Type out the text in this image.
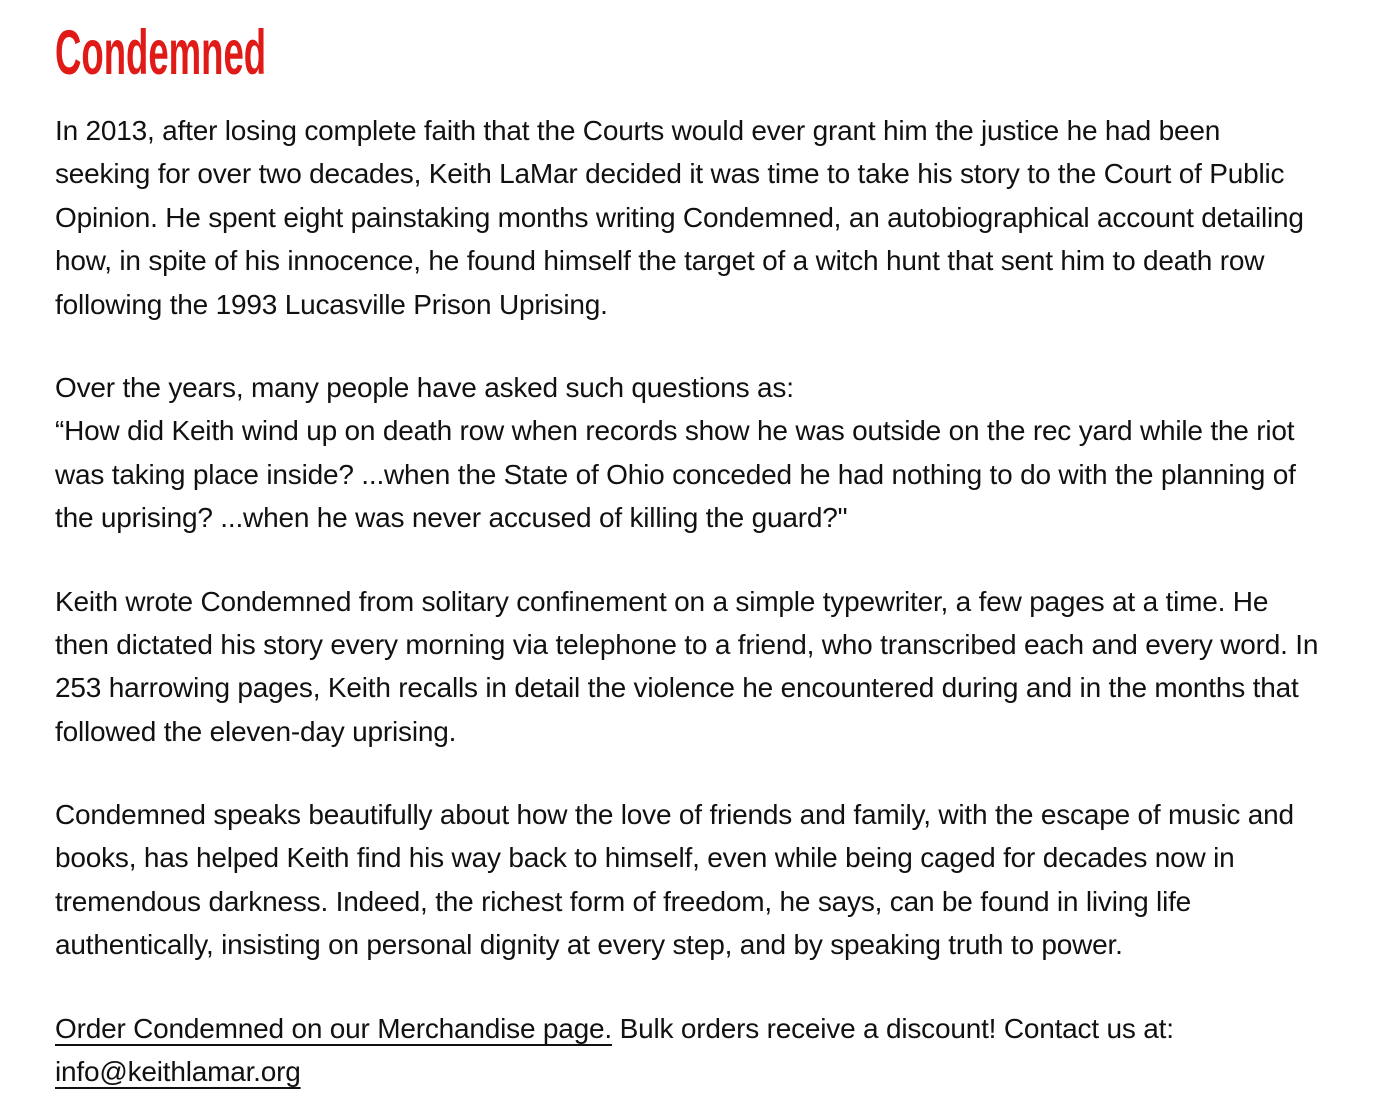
Condemned

In 2013, after losing complete faith that the Courts would ever grant him the justice he had been seeking for over two decades, Keith LaMar decided it was time to take his story to the Court of Public Opinion. He spent eight painstaking months writing Condemned, an autobiographical account detailing how, in spite of his innocence, he found himself the target of a witch hunt that sent him to death row following the 1993 Lucasville Prison Uprising.

Over the years, many people have asked such questions as:
“How did Keith wind up on death row when records show he was outside on the rec yard while the riot was taking place inside? ...when the State of Ohio conceded he had nothing to do with the planning of the uprising? ...when he was never accused of killing the guard?"

Keith wrote Condemned from solitary confinement on a simple typewriter, a few pages at a time. He then dictated his story every morning via telephone to a friend, who transcribed each and every word. In 253 harrowing pages, Keith recalls in detail the violence he encountered during and in the months that followed the eleven-day uprising.

Condemned speaks beautifully about how the love of friends and family, with the escape of music and books, has helped Keith find his way back to himself, even while being caged for decades now in tremendous darkness. Indeed, the richest form of freedom, he says, can be found in living life authentically, insisting on personal dignity at every step, and by speaking truth to power.

Order Condemned on our Merchandise page. Bulk orders receive a discount! Contact us at:
info@keithlamar.org
